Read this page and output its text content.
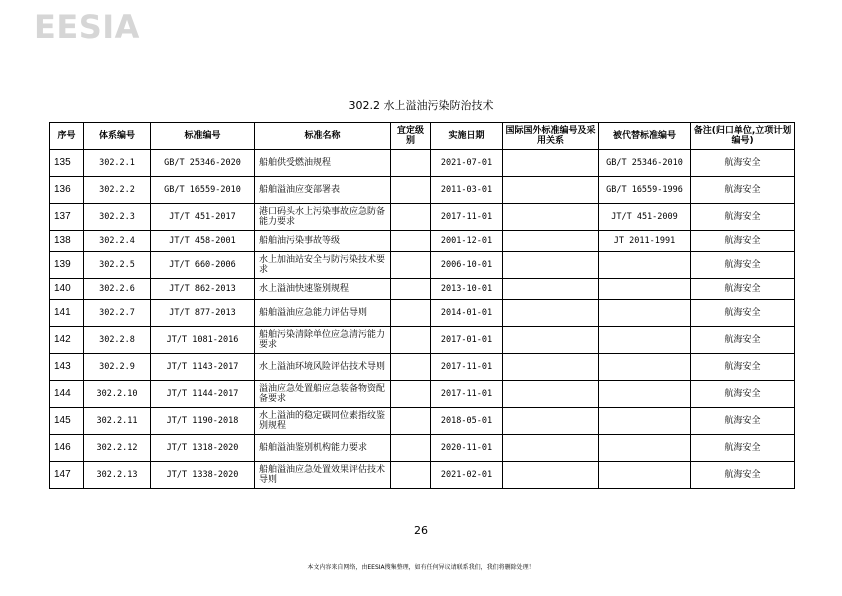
EESIA
302.2 水上溢油污染防治技术
序号	体系编号	标准编号	标准名称	宜定级别	实施日期	国际国外标准编号及采用关系	被代替标准编号	备注(归口单位,立项计划编号)
135	302.2.1	GB/T 25346-2020	船舶供受燃油规程		2021-07-01		GB/T 25346-2010	航海安全
136	302.2.2	GB/T 16559-2010	船舶溢油应变部署表		2011-03-01		GB/T 16559-1996	航海安全
137	302.2.3	JT/T 451-2017	港口码头水上污染事故应急防备能力要求		2017-11-01		JT/T 451-2009	航海安全
138	302.2.4	JT/T 458-2001	船舶油污染事故等级		2001-12-01		JT 2011-1991	航海安全
139	302.2.5	JT/T 660-2006	水上加油站安全与防污染技术要求		2006-10-01			航海安全
140	302.2.6	JT/T 862-2013	水上溢油快速鉴别规程		2013-10-01			航海安全
141	302.2.7	JT/T 877-2013	船舶溢油应急能力评估导则		2014-01-01			航海安全
142	302.2.8	JT/T 1081-2016	船舶污染清除单位应急清污能力要求		2017-01-01			航海安全
143	302.2.9	JT/T 1143-2017	水上溢油环境风险评估技术导则		2017-11-01			航海安全
144	302.2.10	JT/T 1144-2017	溢油应急处置船应急装备物资配备要求		2017-11-01			航海安全
145	302.2.11	JT/T 1190-2018	水上溢油的稳定碳同位素指纹鉴别规程		2018-05-01			航海安全
146	302.2.12	JT/T 1318-2020	船舶溢油鉴别机构能力要求		2020-11-01			航海安全
147	302.2.13	JT/T 1338-2020	船舶溢油应急处置效果评估技术导则		2021-02-01			航海安全
26
本文内容来自网络，由EESIA搜集整理，如有任何异议请联系我们，我们将删除处理！
